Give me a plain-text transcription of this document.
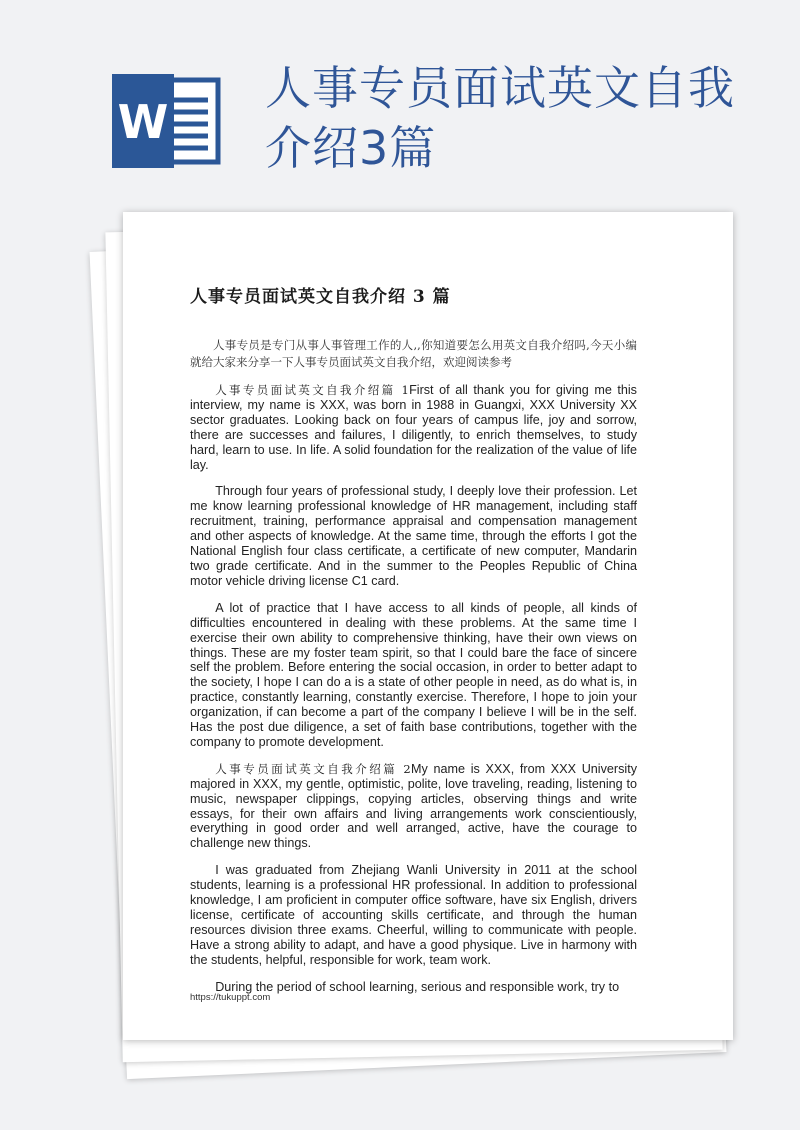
W
人事专员面试英文自我
介绍3篇
人事专员面试英文自我介绍 3 篇

人事专员是专门从事人事管理工作的人,,你知道要怎么用英文自我介绍吗,今天小编就给大家来分享一下人事专员面试英文自我介绍，欢迎阅读参考

人事专员面试英文自我介绍篇 1First of all thank you for giving me this interview, my name is XXX, was born in 1988 in Guangxi, XXX University XX sector graduates. Looking back on four years of campus life, joy and sorrow, there are successes and failures, I diligently, to enrich themselves, to study hard, learn to use. In life. A solid foundation for the realization of the value of life lay.

Through four years of professional study, I deeply love their profession. Let me know learning professional knowledge of HR management, including staff recruitment, training, performance appraisal and compensation management and other aspects of knowledge. At the same time, through the efforts I got the National English four class certificate, a certificate of new computer, Mandarin two grade certificate. And in the summer to the Peoples Republic of China motor vehicle driving license C1 card.

A lot of practice that I have access to all kinds of people, all kinds of difficulties encountered in dealing with these problems. At the same time I exercise their own ability to comprehensive thinking, have their own views on things. These are my foster team spirit, so that I could bare the face of sincere self the problem. Before entering the social occasion, in order to better adapt to the society, I hope I can do a is a state of other people in need, as do what is, in practice, constantly learning, constantly exercise. Therefore, I hope to join your organization, if can become a part of the company I believe I will be in the self. Has the post due diligence, a set of faith base contributions, together with the company to promote development.

人事专员面试英文自我介绍篇 2My name is XXX, from XXX University majored in XXX, my gentle, optimistic, polite, love traveling, reading, listening to music, newspaper clippings, copying articles, observing things and write essays, for their own affairs and living arrangements work conscientiously, everything in good order and well arranged, active, have the courage to challenge new things.

I was graduated from Zhejiang Wanli University in 2011 at the school students, learning is a professional HR professional. In addition to professional knowledge, I am proficient in computer office software, have six English, drivers license, certificate of accounting skills certificate, and through the human resources division three exams. Cheerful, willing to communicate with people. Have a strong ability to adapt, and have a good physique. Live in harmony with the students, helpful, responsible for work, team work.

During the period of school learning, serious and responsible work, try to

https://tukuppt.com
